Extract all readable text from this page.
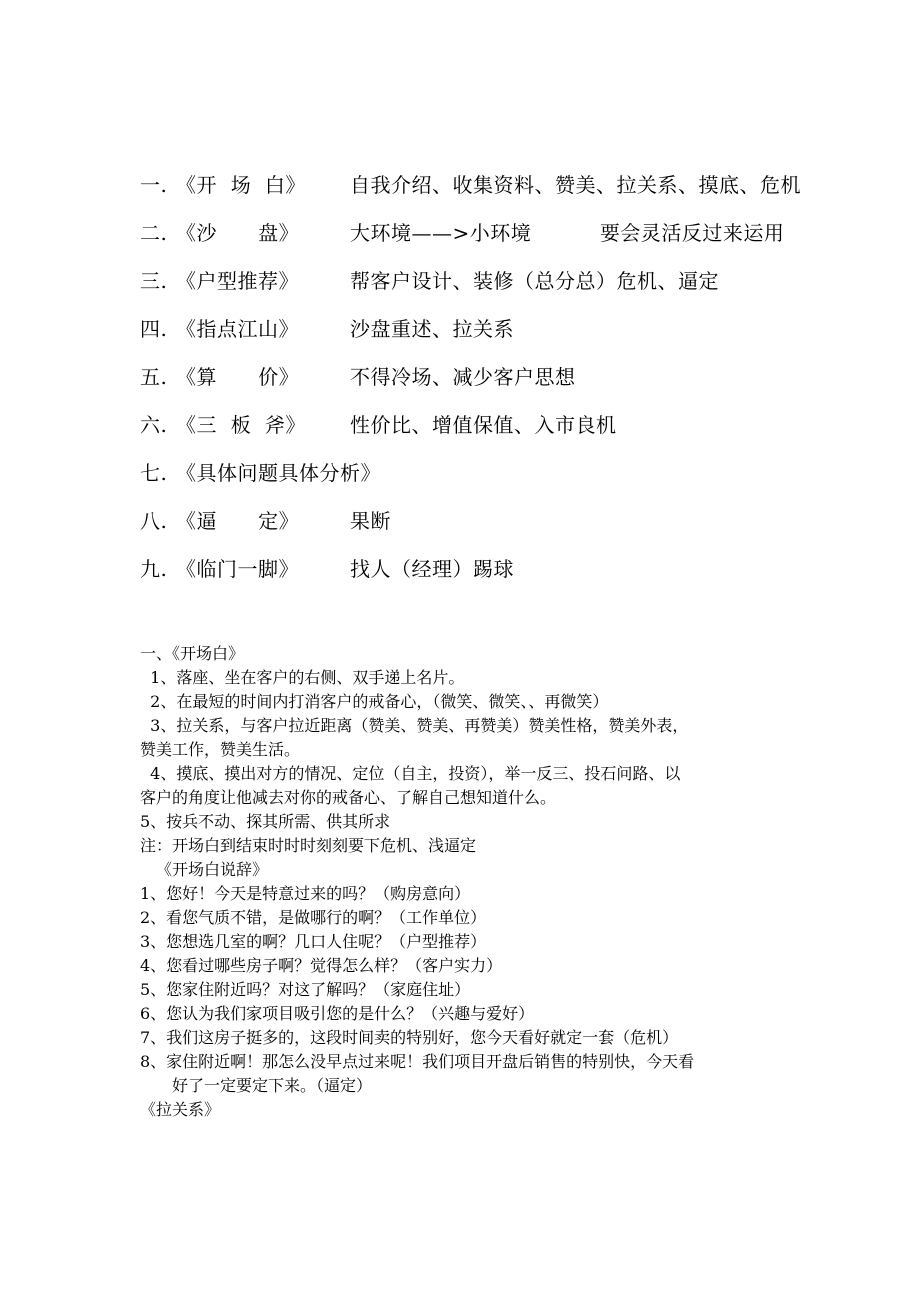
一. 《开  场  白》 自我介绍、收集资料、赞美、拉关系、摸底、危机
二. 《沙      盘》	大环境——>小环境          要会灵活反过来运用
三. 《户型推荐》	帮客户设计、装修（总分总）危机、逼定
四. 《指点江山》	沙盘重述、拉关系
五. 《算      价》	不得冷场、减少客户思想
六. 《三  板  斧》 性价比、增值保值、入市良机
七. 《具体问题具体分析》
八. 《逼      定》	果断
九. 《临门一脚》	找人（经理）踢球
一、《开场白》
1、落座、坐在客户的右侧、双手递上名片。
2、在最短的时间内打消客户的戒备心，（微笑、微笑、、再微笑）
3、拉关系，与客户拉近距离（赞美、赞美、再赞美）赞美性格，赞美外表，
赞美工作，赞美生活。
4、摸底、摸出对方的情况、定位（自主，投资），举一反三、投石问路、以
客户的角度让他减去对你的戒备心、了解自己想知道什么。
5、按兵不动、探其所需、供其所求
注：开场白到结束时时时刻刻要下危机、浅逼定
《开场白说辞》
1、您好！今天是特意过来的吗？（购房意向）
2、看您气质不错，是做哪行的啊？（工作单位）
3、您想选几室的啊？几口人住呢？（户型推荐）
4、您看过哪些房子啊？觉得怎么样？（客户实力）
5、您家住附近吗？对这了解吗？（家庭住址）
6、您认为我们家项目吸引您的是什么？（兴趣与爱好）
7、我们这房子挺多的，这段时间卖的特别好，您今天看好就定一套（危机）
8、家住附近啊！那怎么没早点过来呢！我们项目开盘后销售的特别快，今天看
好了一定要定下来。（逼定）
《拉关系》
